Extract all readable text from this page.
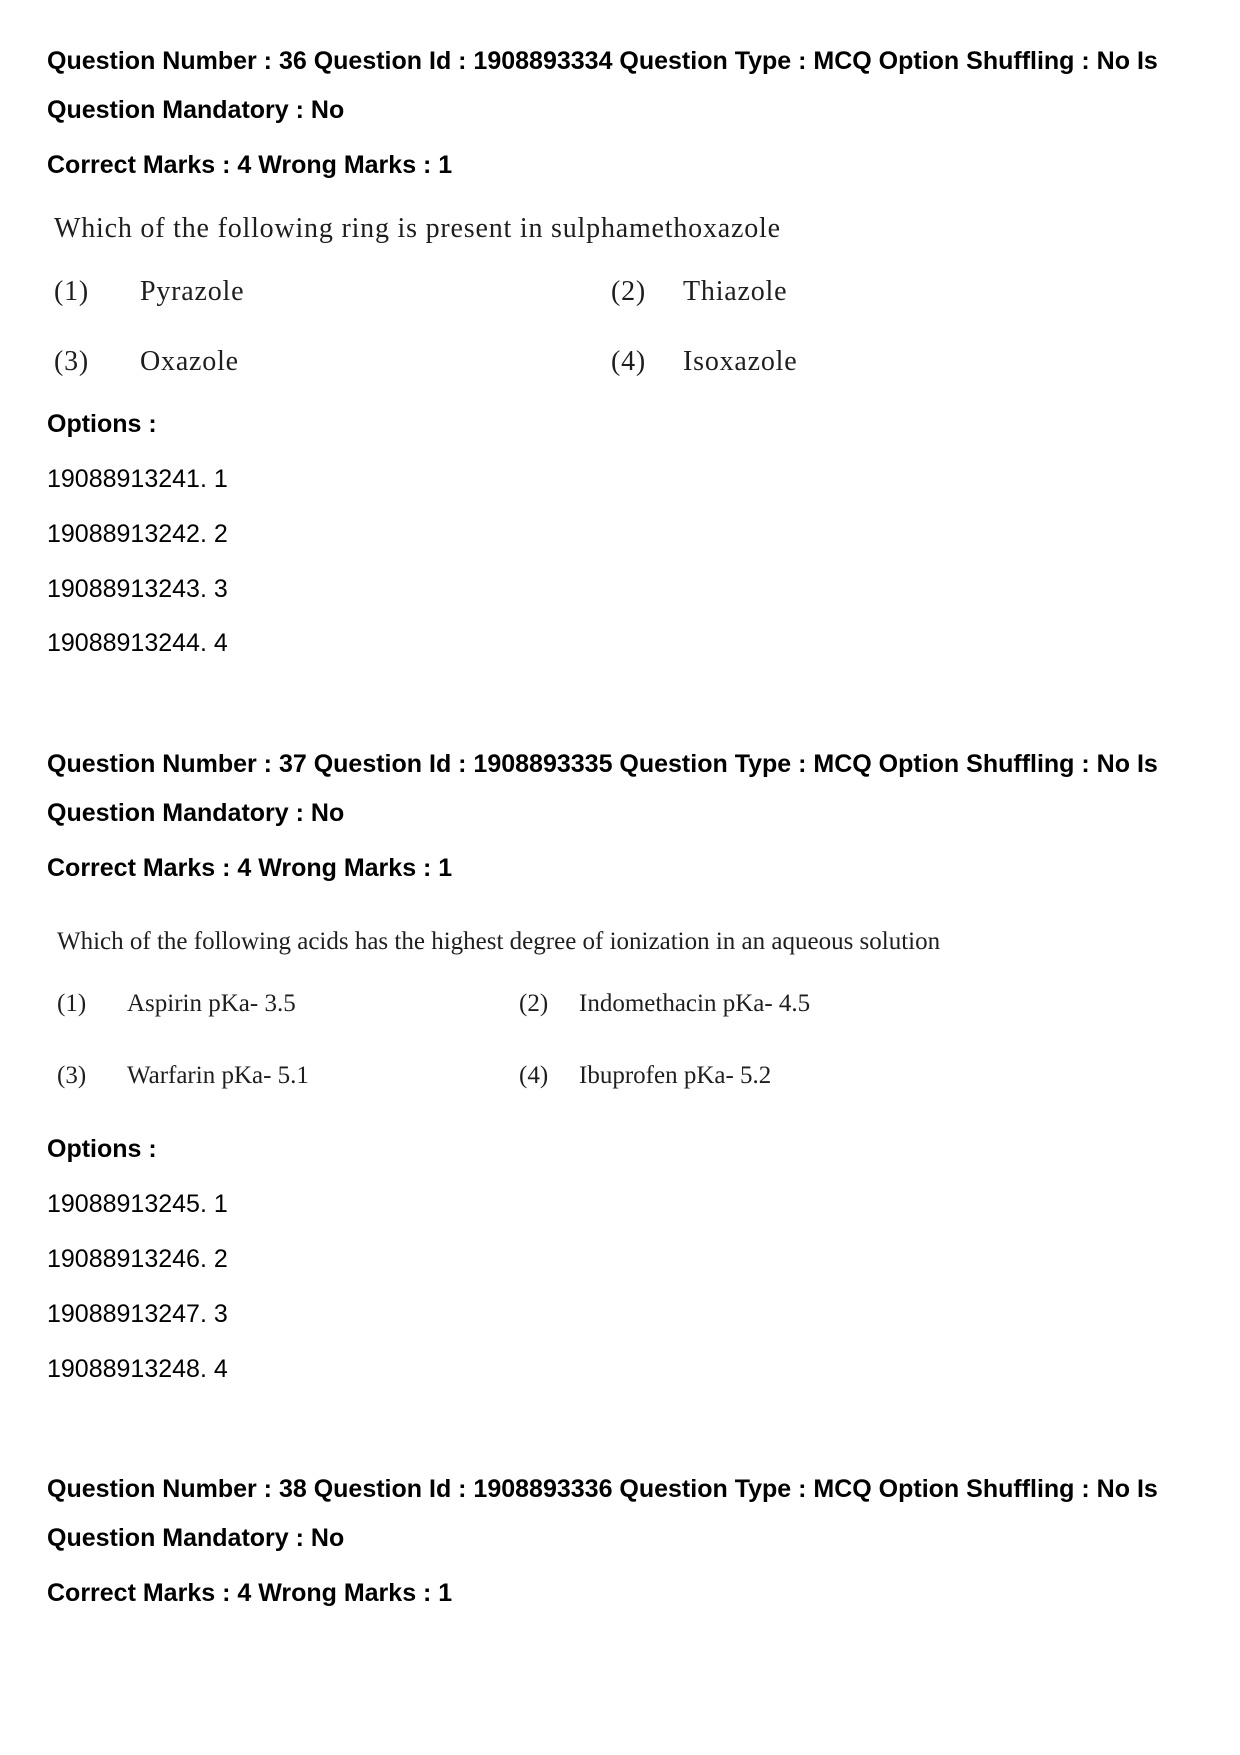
Question Number : 36 Question Id : 1908893334 Question Type : MCQ Option Shuffling : No Is
Question Mandatory : No
Correct Marks : 4 Wrong Marks : 1
Which of the following ring is present in sulphamethoxazole
(1) Pyrazole	(2) Thiazole
(3) Oxazole	(4) Isoxazole
Options :
19088913241. 1
19088913242. 2
19088913243. 3
19088913244. 4
Question Number : 37 Question Id : 1908893335 Question Type : MCQ Option Shuffling : No Is
Question Mandatory : No
Correct Marks : 4 Wrong Marks : 1
Which of the following acids has the highest degree of ionization in an aqueous solution
(1) Aspirin pKa- 3.5	(2) Indomethacin pKa- 4.5
(3) Warfarin pKa- 5.1	(4) Ibuprofen pKa- 5.2
Options :
19088913245. 1
19088913246. 2
19088913247. 3
19088913248. 4
Question Number : 38 Question Id : 1908893336 Question Type : MCQ Option Shuffling : No Is
Question Mandatory : No
Correct Marks : 4 Wrong Marks : 1
